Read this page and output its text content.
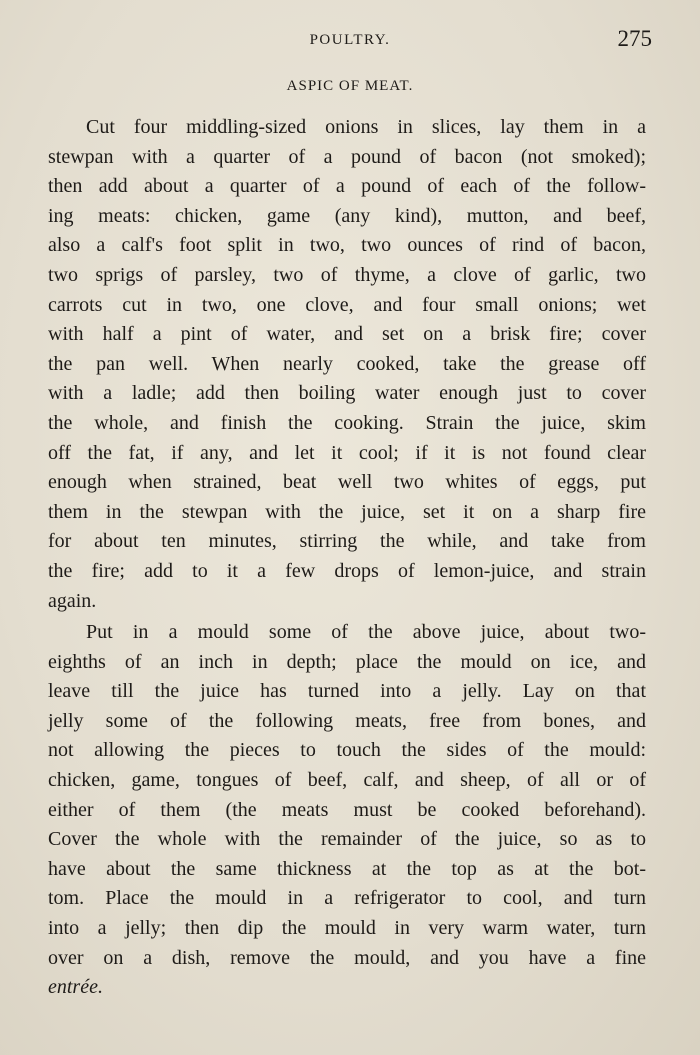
POULTRY.	275
ASPIC OF MEAT.
Cut four middling-sized onions in slices, lay them in a
stewpan with a quarter of a pound of bacon (not smoked);
then add about a quarter of a pound of each of the follow-
ing meats: chicken, game (any kind), mutton, and beef,
also a calf's foot split in two, two ounces of rind of bacon,
two sprigs of parsley, two of thyme, a clove of garlic, two
carrots cut in two, one clove, and four small onions; wet
with half a pint of water, and set on a brisk fire; cover
the pan well. When nearly cooked, take the grease off
with a ladle; add then boiling water enough just to cover
the whole, and finish the cooking. Strain the juice, skim
off the fat, if any, and let it cool; if it is not found clear
enough when strained, beat well two whites of eggs, put
them in the stewpan with the juice, set it on a sharp fire
for about ten minutes, stirring the while, and take from
the fire; add to it a few drops of lemon-juice, and strain
again.
Put in a mould some of the above juice, about two-
eighths of an inch in depth; place the mould on ice, and
leave till the juice has turned into a jelly. Lay on that
jelly some of the following meats, free from bones, and
not allowing the pieces to touch the sides of the mould:
chicken, game, tongues of beef, calf, and sheep, of all or of
either of them (the meats must be cooked beforehand).
Cover the whole with the remainder of the juice, so as to
have about the same thickness at the top as at the bot-
tom. Place the mould in a refrigerator to cool, and turn
into a jelly; then dip the mould in very warm water, turn
over on a dish, remove the mould, and you have a fine
entrée.
